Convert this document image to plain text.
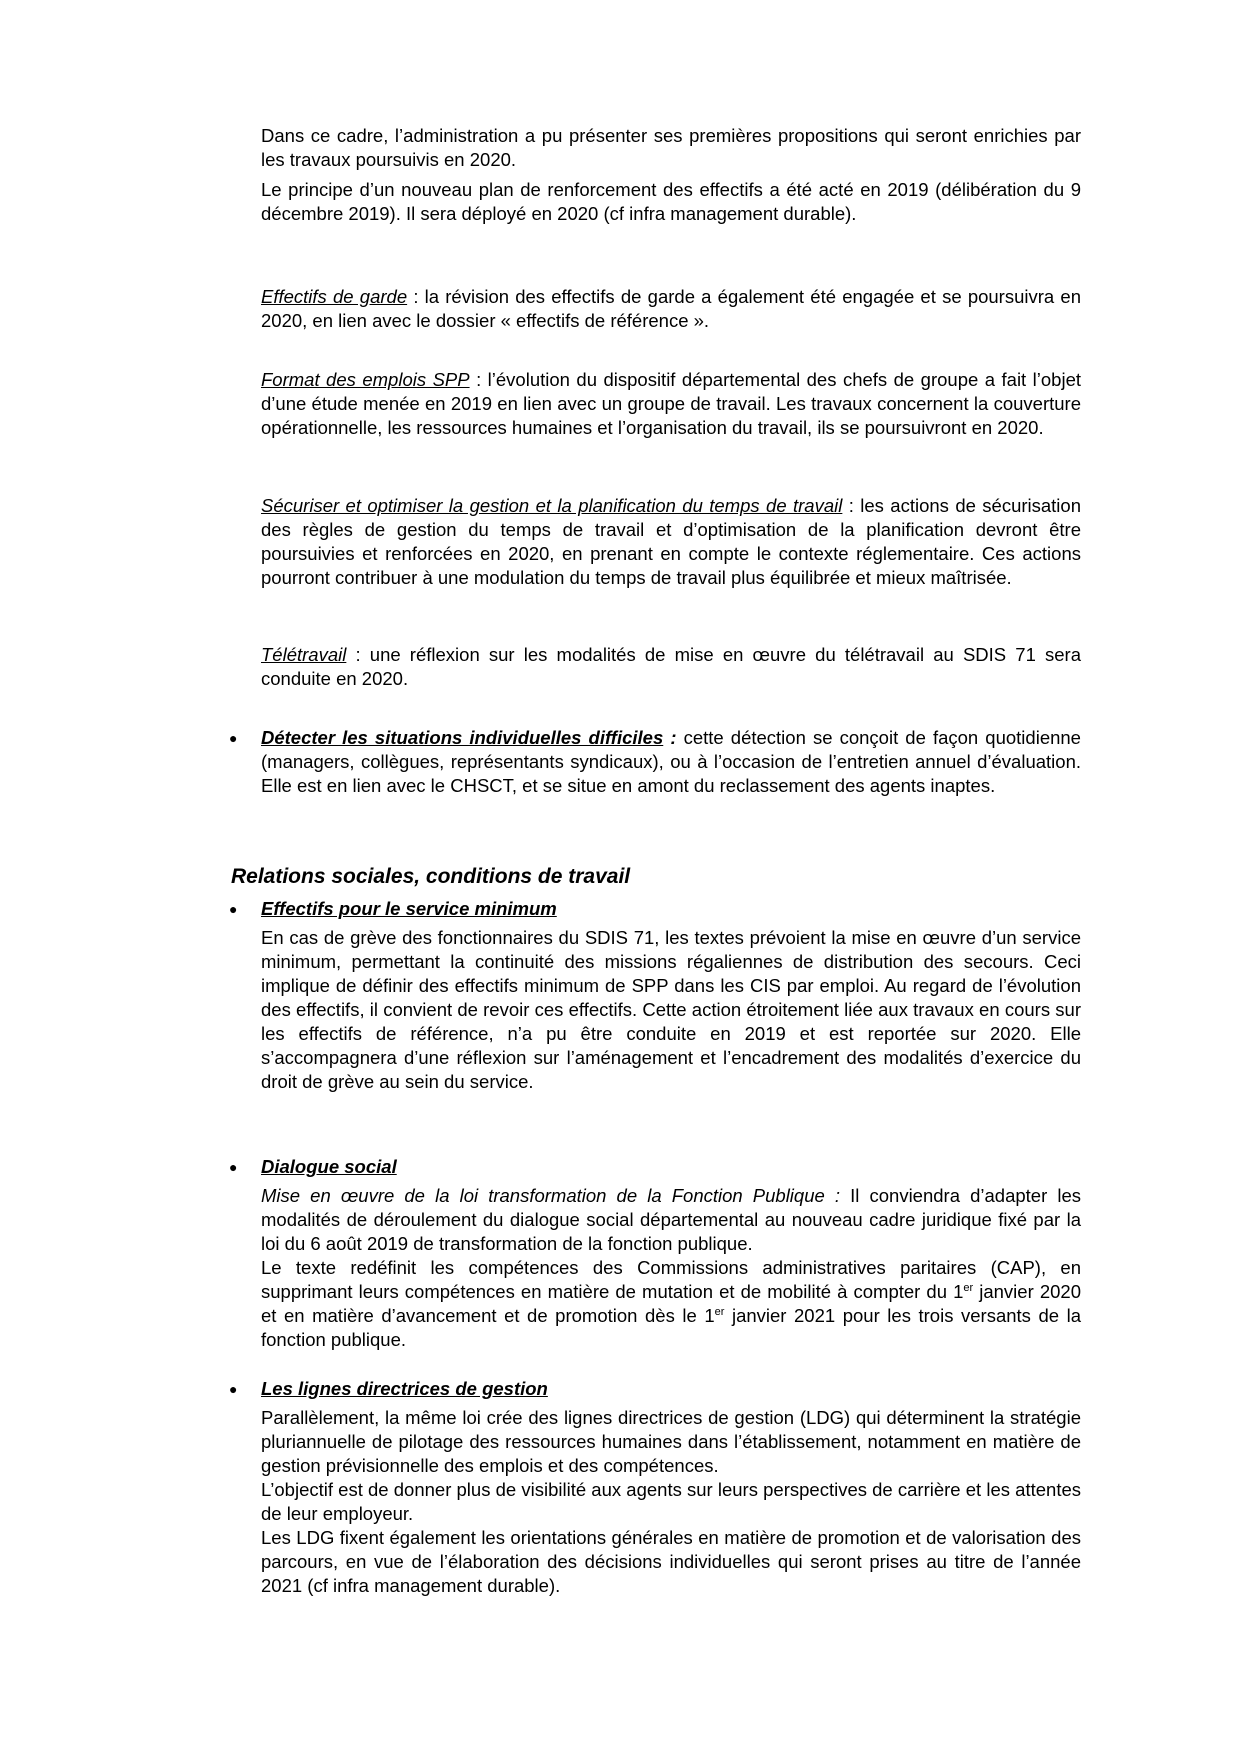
Dans ce cadre, l’administration a pu présenter ses premières propositions qui seront enrichies par les travaux poursuivis en 2020.

Le principe d’un nouveau plan de renforcement des effectifs a été acté en 2019 (délibération du 9 décembre 2019). Il sera déployé en 2020 (cf infra management durable).

Effectifs de garde : la révision des effectifs de garde a également été engagée et se poursuivra en 2020, en lien avec le dossier « effectifs de référence ».

Format des emplois SPP : l’évolution du dispositif départemental des chefs de groupe a fait l’objet d’une étude menée en 2019 en lien avec un groupe de travail. Les travaux concernent la couverture opérationnelle, les ressources humaines et l’organisation du travail, ils se poursuivront en 2020.

Sécuriser et optimiser la gestion et la planification du temps de travail : les actions de sécurisation des règles de gestion du temps de travail et d’optimisation de la planification devront être poursuivies et renforcées en 2020, en prenant en compte le contexte réglementaire. Ces actions pourront contribuer à une modulation du temps de travail plus équilibrée et mieux maîtrisée.

Télétravail : une réflexion sur les modalités de mise en œuvre du télétravail au SDIS 71 sera conduite en 2020.

● Détecter les situations individuelles difficiles : cette détection se conçoit de façon quotidienne (managers, collègues, représentants syndicaux), ou à l’occasion de l’entretien annuel d’évaluation. Elle est en lien avec le CHSCT, et se situe en amont du reclassement des agents inaptes.

Relations sociales, conditions de travail
● Effectifs pour le service minimum

En cas de grève des fonctionnaires du SDIS 71, les textes prévoient la mise en œuvre d’un service minimum, permettant la continuité des missions régaliennes de distribution des secours. Ceci implique de définir des effectifs minimum de SPP dans les CIS par emploi. Au regard de l’évolution des effectifs, il convient de revoir ces effectifs. Cette action étroitement liée aux travaux en cours sur les effectifs de référence, n’a pu être conduite en 2019 et est reportée sur 2020. Elle s’accompagnera d’une réflexion sur l’aménagement et l’encadrement des modalités d’exercice du droit de grève au sein du service.

● Dialogue social

Mise en œuvre de la loi transformation de la Fonction Publique : Il conviendra d’adapter les modalités de déroulement du dialogue social départemental au nouveau cadre juridique fixé par la loi du 6 août 2019 de transformation de la fonction publique.

Le texte redéfinit les compétences des Commissions administratives paritaires (CAP), en supprimant leurs compétences en matière de mutation et de mobilité à compter du 1er janvier 2020 et en matière d’avancement et de promotion dès le 1er janvier 2021 pour les trois versants de la fonction publique.

● Les lignes directrices de gestion

Parallèlement, la même loi crée des lignes directrices de gestion (LDG) qui déterminent la stratégie pluriannuelle de pilotage des ressources humaines dans l’établissement, notamment en matière de gestion prévisionnelle des emplois et des compétences.

L’objectif est de donner plus de visibilité aux agents sur leurs perspectives de carrière et les attentes de leur employeur.

Les LDG fixent également les orientations générales en matière de promotion et de valorisation des parcours, en vue de l’élaboration des décisions individuelles qui seront prises au titre de l’année 2021 (cf infra management durable).
